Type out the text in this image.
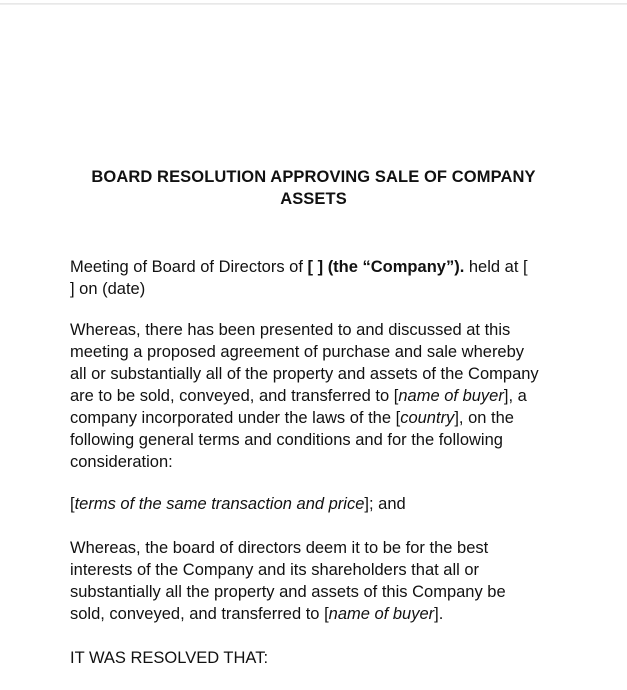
BOARD RESOLUTION APPROVING SALE OF COMPANY
ASSETS
Meeting of Board of Directors of [ ] (the “Company”). held at [
] on (date)
Whereas, there has been presented to and discussed at this
meeting a proposed agreement of purchase and sale whereby
all or substantially all of the property and assets of the Company
are to be sold, conveyed, and transferred to [name of buyer], a
company incorporated under the laws of the [country], on the
following general terms and conditions and for the following
consideration:
[terms of the same transaction and price]; and
Whereas, the board of directors deem it to be for the best
interests of the Company and its shareholders that all or
substantially all the property and assets of this Company be
sold, conveyed, and transferred to [name of buyer].
IT WAS RESOLVED THAT:
